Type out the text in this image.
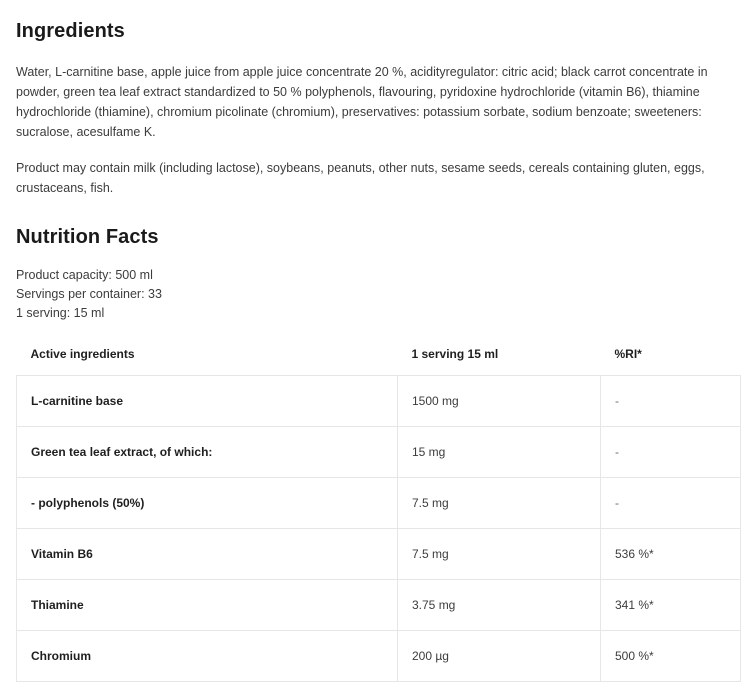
Ingredients

Water, L-carnitine base, apple juice from apple juice concentrate 20 %, acidityregulator: citric acid; black carrot concentrate in powder, green tea leaf extract standardized to 50 % polyphenols, flavouring, pyridoxine hydrochloride (vitamin B6), thiamine hydrochloride (thiamine), chromium picolinate (chromium), preservatives: potassium sorbate, sodium benzoate; sweeteners: sucralose, acesulfame K.

Product may contain milk (including lactose), soybeans, peanuts, other nuts, sesame seeds, cereals containing gluten, eggs, crustaceans, fish.

Nutrition Facts
Product capacity: 500 ml
Servings per container: 33
1 serving: 15 ml
Active ingredients	1 serving 15 ml	%RI*
L-carnitine base	1500 mg	-
Green tea leaf extract, of which:	15 mg	-
- polyphenols (50%)	7.5 mg	-
Vitamin B6	7.5 mg	536 %*
Thiamine	3.75 mg	341 %*
Chromium	200 µg	500 %*
